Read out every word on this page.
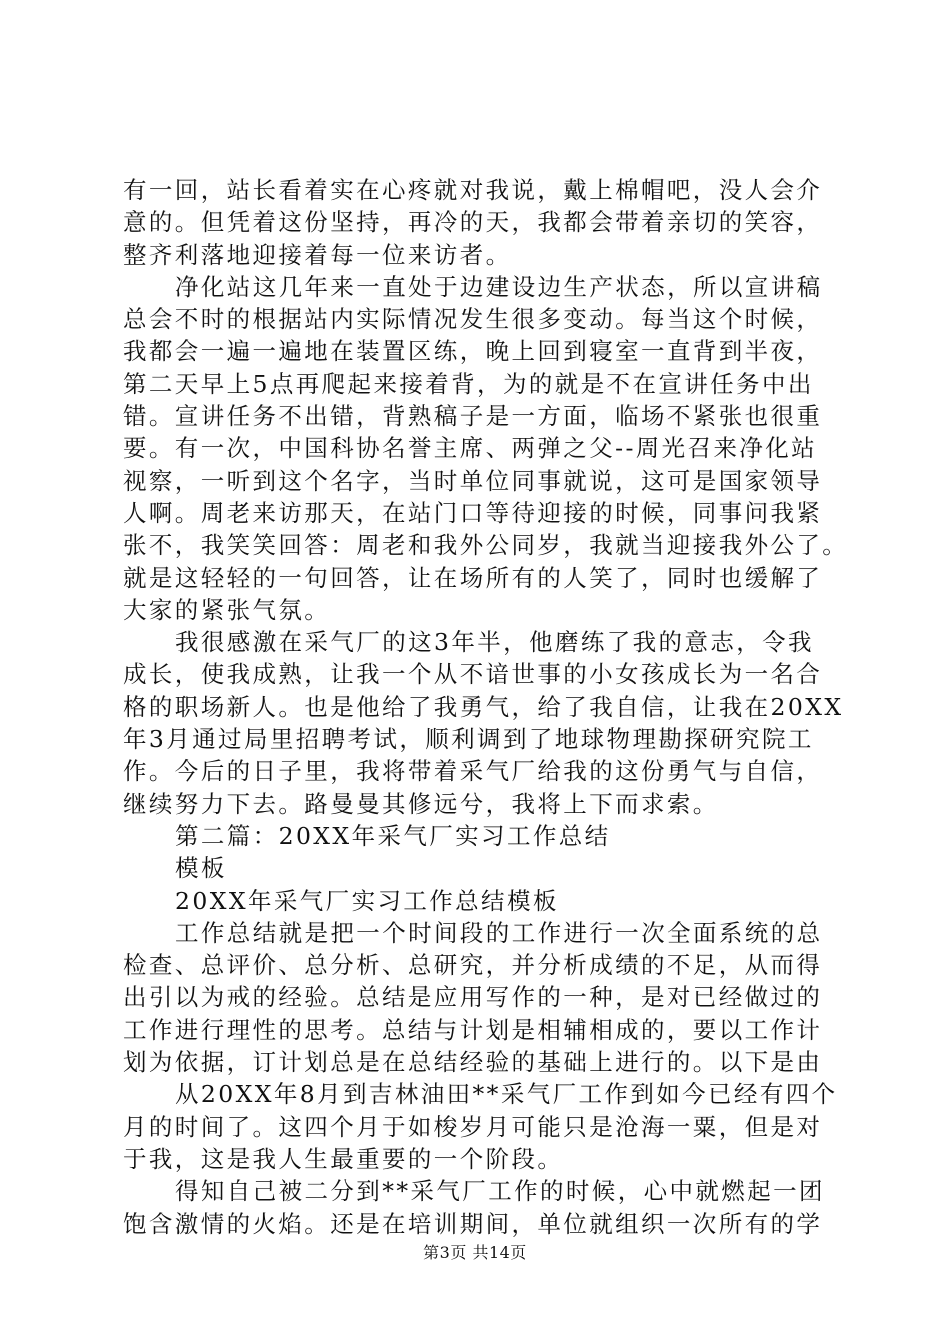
有一回，站长看着实在心疼就对我说，戴上棉帽吧，没人会介
意的。但凭着这份坚持，再冷的天，我都会带着亲切的笑容，
整齐利落地迎接着每一位来访者。
净化站这几年来一直处于边建设边生产状态，所以宣讲稿
总会不时的根据站内实际情况发生很多变动。每当这个时候，
我都会一遍一遍地在装置区练，晚上回到寝室一直背到半夜，
第二天早上5点再爬起来接着背，为的就是不在宣讲任务中出
错。宣讲任务不出错，背熟稿子是一方面，临场不紧张也很重
要。有一次，中国科协名誉主席、两弹之父--周光召来净化站
视察，一听到这个名字，当时单位同事就说，这可是国家领导
人啊。周老来访那天，在站门口等待迎接的时候，同事问我紧
张不，我笑笑回答：周老和我外公同岁，我就当迎接我外公了。
就是这轻轻的一句回答，让在场所有的人笑了，同时也缓解了
大家的紧张气氛。
我很感激在采气厂的这3年半，他磨练了我的意志，令我
成长，使我成熟，让我一个从不谙世事的小女孩成长为一名合
格的职场新人。也是他给了我勇气，给了我自信，让我在20XX
年3月通过局里招聘考试，顺利调到了地球物理勘探研究院工
作。今后的日子里，我将带着采气厂给我的这份勇气与自信，
继续努力下去。路曼曼其修远兮，我将上下而求索。
第二篇：20XX年采气厂实习工作总结
模板
20XX年采气厂实习工作总结模板
工作总结就是把一个时间段的工作进行一次全面系统的总
检查、总评价、总分析、总研究，并分析成绩的不足，从而得
出引以为戒的经验。总结是应用写作的一种，是对已经做过的
工作进行理性的思考。总结与计划是相辅相成的，要以工作计
划为依据，订计划总是在总结经验的基础上进行的。以下是由
从20XX年8月到吉林油田**采气厂工作到如今已经有四个
月的时间了。这四个月于如梭岁月可能只是沧海一粟，但是对
于我，这是我人生最重要的一个阶段。
得知自己被二分到**采气厂工作的时候，心中就燃起一团
饱含激情的火焰。还是在培训期间，单位就组织一次所有的学
第3页 共14页
